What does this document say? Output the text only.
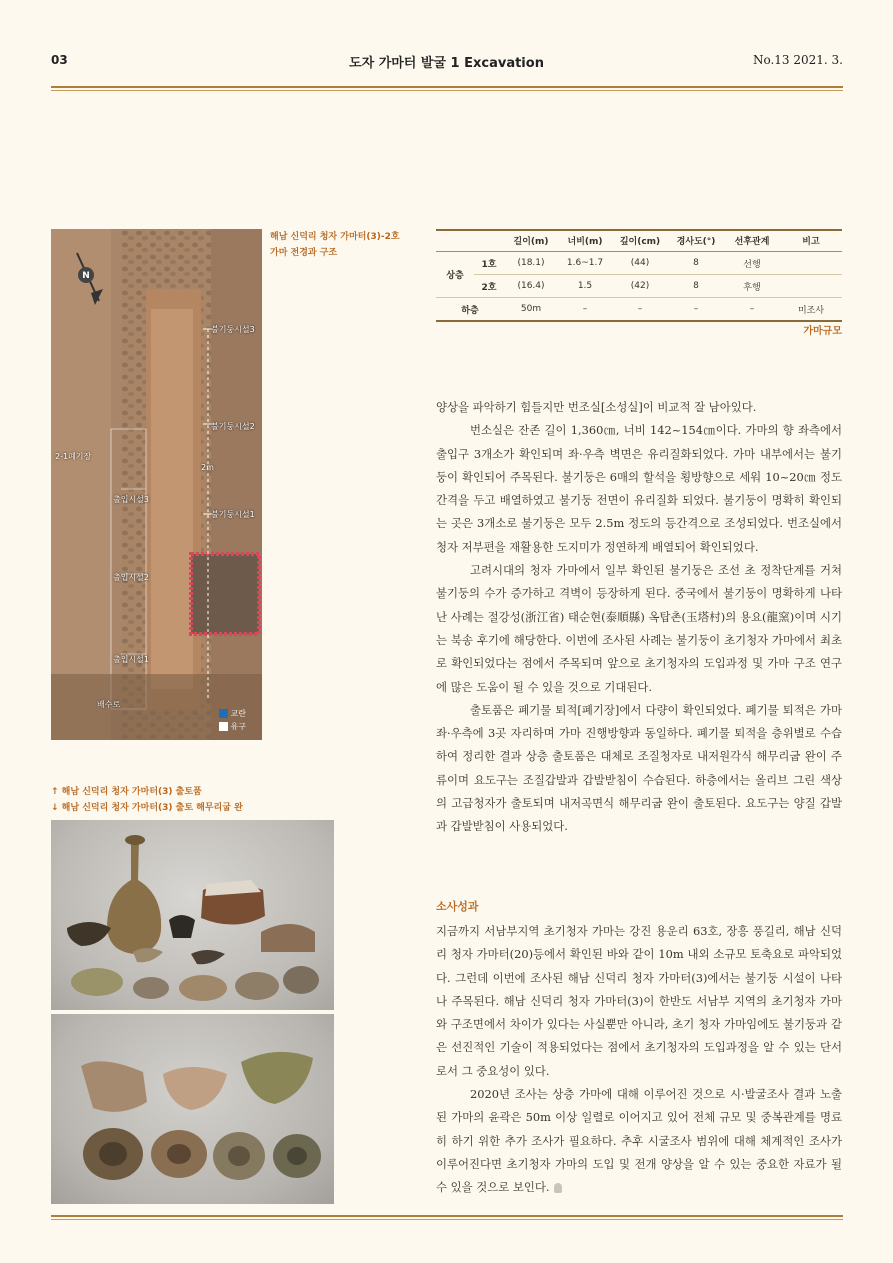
03	도자 가마터 발굴 1 Excavation	No.13 2021. 3.
N
불기둥시설3
불기둥시설2
2m
불기둥시설1
2-1폐기장
출입시설3
출입시설2
출입시설1
배수로
교란
유구
해남 신덕리 청자 가마터(3)-2호
가마 전경과 구조
↑ 해남 신덕리 청자 가마터(3) 출토품
↓ 해남 신덕리 청자 가마터(3) 출토 해무리굽 완
		길이(m)	너비(m)	깊이(cm)	경사도(°)	선후관계	비고
상층	1호	(18.1)	1.6~1.7	(44)	8	선행	
	2호	(16.4)	1.5	(42)	8	후행	
하층		50m	–	–	–	–	미조사
가마규모

양상을 파악하기 힘들지만 번조실[소성실]이 비교적 잘 남아있다.

번소실은 잔존 길이 1,360㎝, 너비 142~154㎝이다. 가마의 향 좌측에서 출입구 3개소가 확인되며 좌·우측 벽면은 유리질화되었다. 가마 내부에서는 불기둥이 확인되어 주목된다. 불기둥은 6매의 할석을 횡방향으로 세워 10~20㎝ 정도 간격을 두고 배열하였고 불기둥 전면이 유리질화 되었다. 불기둥이 명확히 확인되는 곳은 3개소로 불기둥은 모두 2.5m 정도의 등간격으로 조성되었다. 번조실에서 청자 저부편을 재활용한 도지미가 정연하게 배열되어 확인되었다.

고려시대의 청자 가마에서 일부 확인된 불기둥은 조선 초 정착단계를 거쳐 불기둥의 수가 증가하고 격벽이 등장하게 된다. 중국에서 불기둥이 명확하게 나타난 사례는 절강성(浙江省) 태순현(泰順縣) 옥탑촌(玉塔村)의 용요(龍窯)이며 시기는 북송 후기에 해당한다. 이번에 조사된 사례는 불기둥이 초기청자 가마에서 최초로 확인되었다는 점에서 주목되며 앞으로 초기청자의 도입과정 및 가마 구조 연구에 많은 도움이 될 수 있을 것으로 기대된다.

출토품은 폐기물 퇴적[폐기장]에서 다량이 확인되었다. 폐기물 퇴적은 가마 좌·우측에 3곳 자리하며 가마 진행방향과 동일하다. 폐기물 퇴적을 층위별로 수습하여 정리한 결과 상층 출토품은 대체로 조질청자로 내저원각식 해무리굽 완이 주류이며 요도구는 조질갑발과 갑발받침이 수습된다. 하층에서는 올리브 그린 색상의 고급청자가 출토되며 내저곡면식 해무리굽 완이 출토된다. 요도구는 양질 갑발과 갑발받침이 사용되었다.

소사성과

지금까지 서남부지역 초기청자 가마는 강진 용운리 63호, 장흥 풍길리, 해남 신덕리 청자 가마터(20)등에서 확인된 바와 같이 10m 내외 소규모 토축요로 파악되었다. 그런데 이번에 조사된 해남 신덕리 청자 가마터(3)에서는 불기둥 시설이 나타나 주목된다. 해남 신덕리 청자 가마터(3)이 한반도 서남부 지역의 초기청자 가마와 구조면에서 차이가 있다는 사실뿐만 아니라, 초기 청자 가마임에도 불기둥과 같은 선진적인 기술이 적용되었다는 점에서 초기청자의 도입과정을 알 수 있는 단서로서 그 중요성이 있다.

2020년 조사는 상층 가마에 대해 이루어진 것으로 시·발굴조사 결과 노출된 가마의 윤곽은 50m 이상 일렬로 이어지고 있어 전체 규모 및 중복관계를 명료히 하기 위한 추가 조사가 필요하다. 추후 시굴조사 범위에 대해 체계적인 조사가 이루어진다면 초기청자 가마의 도입 및 전개 양상을 알 수 있는 중요한 자료가 될 수 있을 것으로 보인다.
